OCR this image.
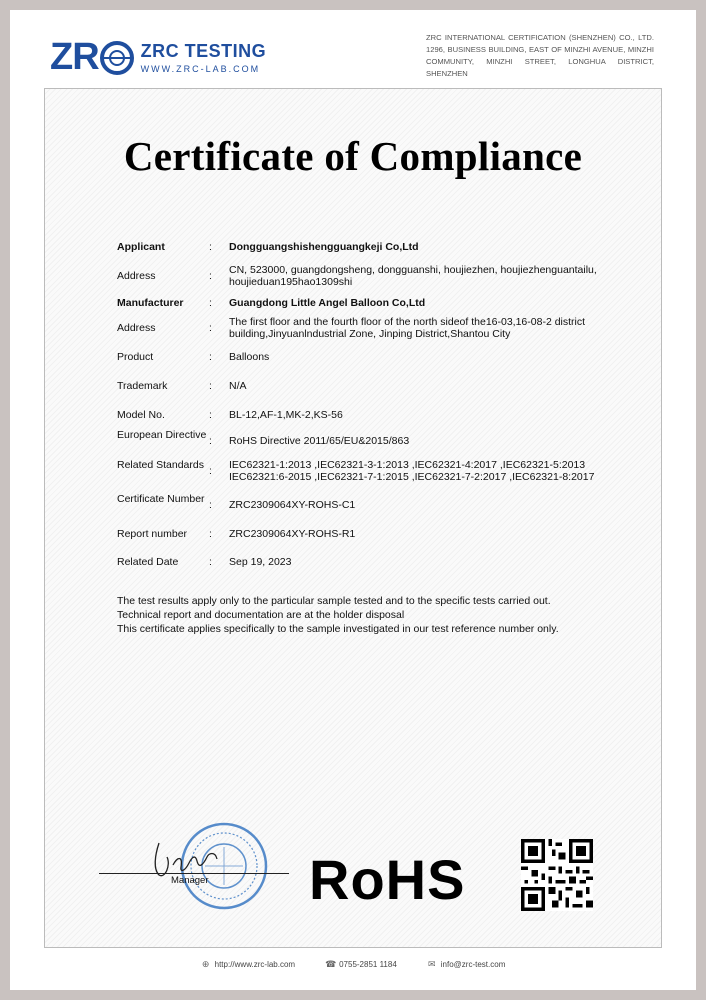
Z R ZRC TESTING
WWW.ZRC-LAB.COM
ZRC INTERNATIONAL CERTIFICATION (SHENZHEN) CO., LTD. 1296, BUSINESS BUILDING, EAST OF MINZHI AVENUE, MINZHI COMMUNITY, MINZHI STREET, LONGHUA DISTRICT, SHENZHEN
Certificate of Compliance
Applicant	:	Dongguangshishengguangkeji Co,Ltd
Address	:	CN, 523000, guangdongsheng, dongguanshi, houjiezhen, houjiezhenguantailu, houjieduan195hao1309shi
Manufacturer	:	Guangdong Little Angel Balloon Co,Ltd
Address	:	The first floor and the fourth floor of the north sideof the16-03,16-08-2 district building,Jinyuanlndustrial Zone, Jinping District,Shantou City
Product	:	Balloons
Trademark	:	N/A
Model No.	:	BL-12,AF-1,MK-2,KS-56
European Directive :	RoHS Directive 2011/65/EU&2015/863
Related Standards :	IEC62321-1:2013 ,IEC62321-3-1:2013 ,IEC62321-4:2017 ,IEC62321-5:2013 IEC62321:6-2015 ,IEC62321-7-1:2015 ,IEC62321-7-2:2017 ,IEC62321-8:2017
Certificate Number :	ZRC2309064XY-ROHS-C1
Report number	:	ZRC2309064XY-ROHS-R1
Related Date	:	Sep 19, 2023
The test results apply only to the particular sample tested and to the specific tests carried out.
Technical report and documentation are at the holder disposal
This certificate applies specifically to the sample investigated in our test reference number only.
Manager RoHS
⊕ http://www.zrc-lab.com	☎ 0755-2851 1184	✉ info@zrc-test.com
